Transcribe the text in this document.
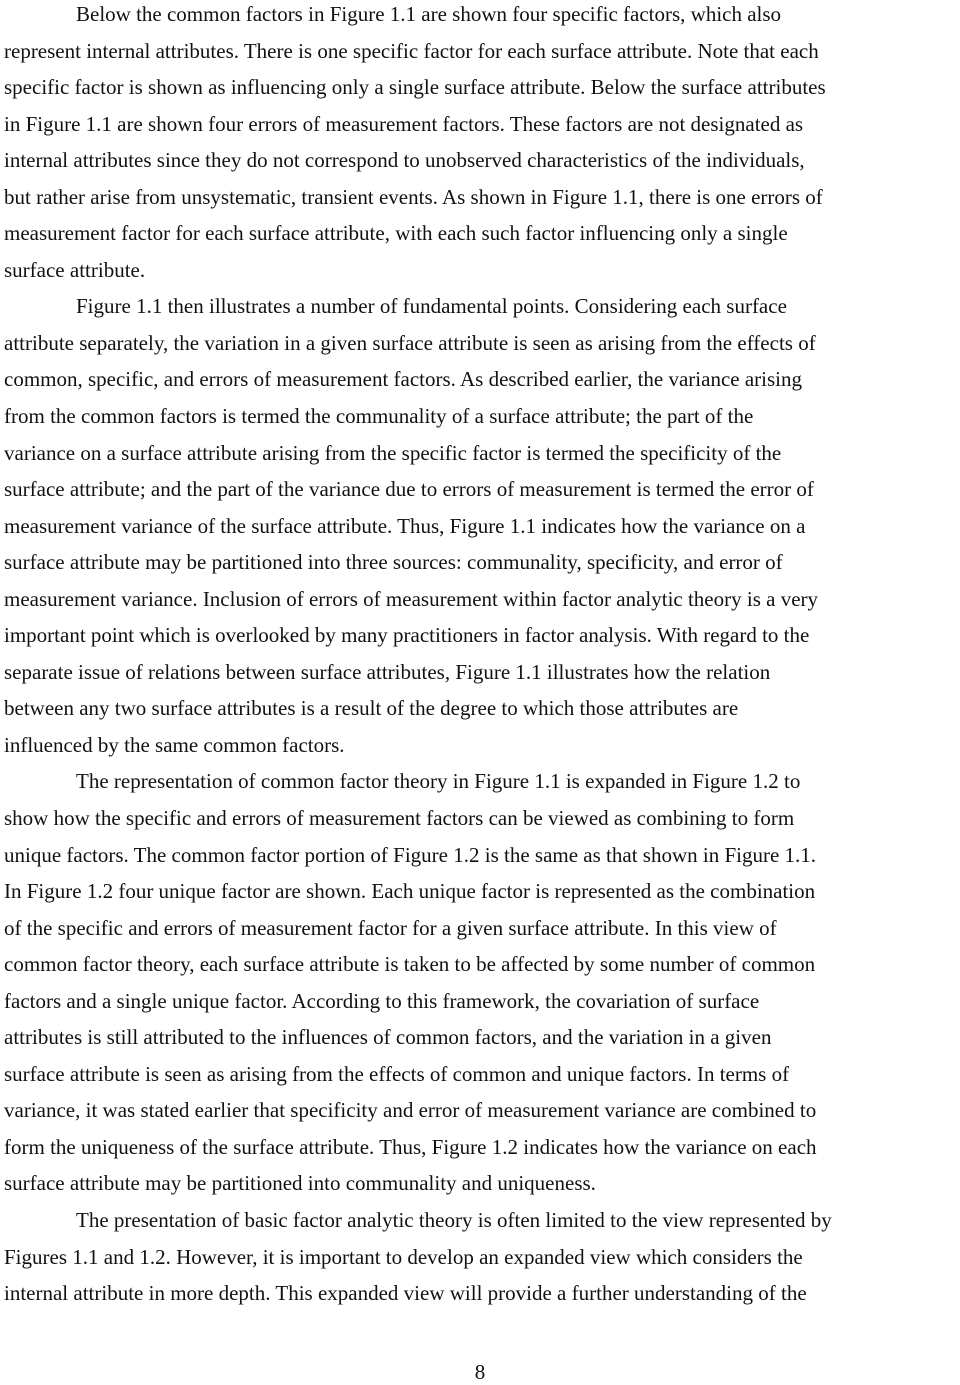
Below the common factors in Figure 1.1 are shown four specific factors, which also
represent internal attributes. There is one specific factor for each surface attribute. Note that each
specific factor is shown as influencing only a single surface attribute. Below the surface attributes
in Figure 1.1 are shown four errors of measurement factors. These factors are not designated as
internal attributes since they do not correspond to unobserved characteristics of the individuals,
but rather arise from unsystematic, transient events. As shown in Figure 1.1, there is one errors of
measurement factor for each surface attribute, with each such factor influencing only a single
surface attribute.
Figure 1.1 then illustrates a number of fundamental points. Considering each surface
attribute separately, the variation in a given surface attribute is seen as arising from the effects of
common, specific, and errors of measurement factors. As described earlier, the variance arising
from the common factors is termed the communality of a surface attribute; the part of the
variance on a surface attribute arising from the specific factor is termed the specificity of the
surface attribute; and the part of the variance due to errors of measurement is termed the error of
measurement variance of the surface attribute. Thus, Figure 1.1 indicates how the variance on a
surface attribute may be partitioned into three sources: communality, specificity, and error of
measurement variance. Inclusion of errors of measurement within factor analytic theory is a very
important point which is overlooked by many practitioners in factor analysis. With regard to the
separate issue of relations between surface attributes, Figure 1.1 illustrates how the relation
between any two surface attributes is a result of the degree to which those attributes are
influenced by the same common factors.
The representation of common factor theory in Figure 1.1 is expanded in Figure 1.2 to
show how the specific and errors of measurement factors can be viewed as combining to form
unique factors. The common factor portion of Figure 1.2 is the same as that shown in Figure 1.1.
In Figure 1.2 four unique factor are shown. Each unique factor is represented as the combination
of the specific and errors of measurement factor for a given surface attribute. In this view of
common factor theory, each surface attribute is taken to be affected by some number of common
factors and a single unique factor. According to this framework, the covariation of surface
attributes is still attributed to the influences of common factors, and the variation in a given
surface attribute is seen as arising from the effects of common and unique factors. In terms of
variance, it was stated earlier that specificity and error of measurement variance are combined to
form the uniqueness of the surface attribute. Thus, Figure 1.2 indicates how the variance on each
surface attribute may be partitioned into communality and uniqueness.
The presentation of basic factor analytic theory is often limited to the view represented by
Figures 1.1 and 1.2. However, it is important to develop an expanded view which considers the
internal attribute in more depth. This expanded view will provide a further understanding of the
8
